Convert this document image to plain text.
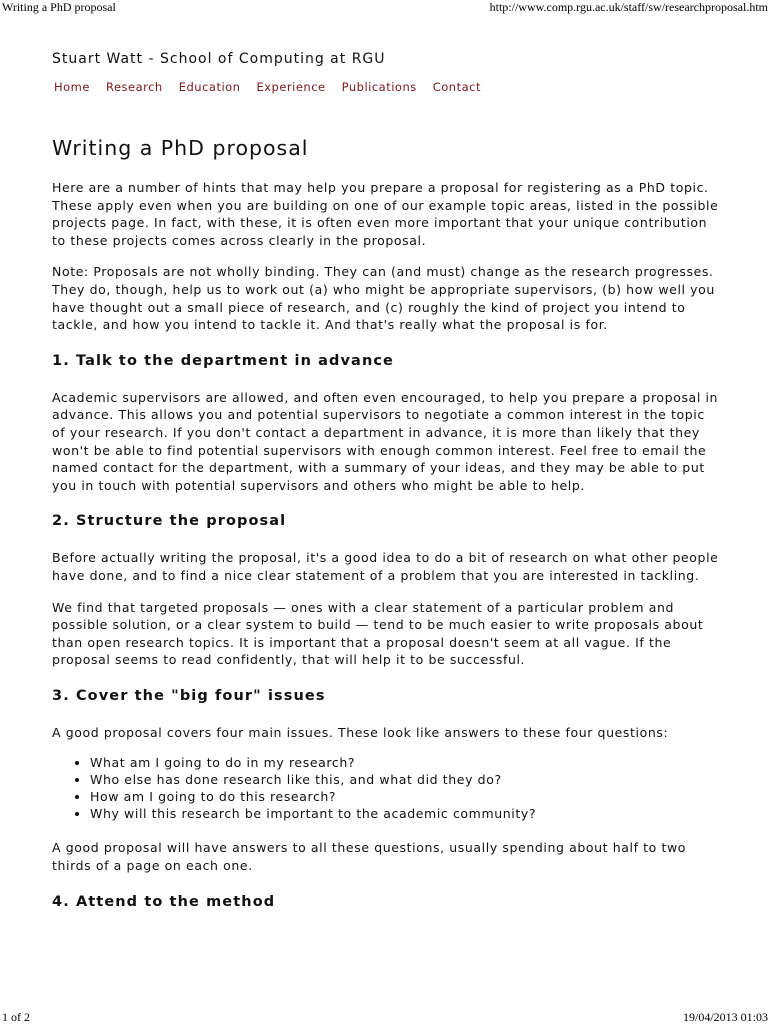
Writing a PhD proposal	http://www.comp.rgu.ac.uk/staff/sw/researchproposal.htm
Stuart Watt - School of Computing at RGU
Home Research Education Experience Publications Contact
Writing a PhD proposal

Here are a number of hints that may help you prepare a proposal for registering as a PhD topic. These apply even when you are building on one of our example topic areas, listed in the possible projects page. In fact, with these, it is often even more important that your unique contribution to these projects comes across clearly in the proposal.

Note: Proposals are not wholly binding. They can (and must) change as the research progresses. They do, though, help us to work out (a) who might be appropriate supervisors, (b) how well you have thought out a small piece of research, and (c) roughly the kind of project you intend to tackle, and how you intend to tackle it. And that's really what the proposal is for.

1. Talk to the department in advance

Academic supervisors are allowed, and often even encouraged, to help you prepare a proposal in advance. This allows you and potential supervisors to negotiate a common interest in the topic of your research. If you don't contact a department in advance, it is more than likely that they won't be able to find potential supervisors with enough common interest. Feel free to email the named contact for the department, with a summary of your ideas, and they may be able to put you in touch with potential supervisors and others who might be able to help.

2. Structure the proposal

Before actually writing the proposal, it's a good idea to do a bit of research on what other people have done, and to find a nice clear statement of a problem that you are interested in tackling.

We find that targeted proposals — ones with a clear statement of a particular problem and possible solution, or a clear system to build — tend to be much easier to write proposals about than open research topics. It is important that a proposal doesn't seem at all vague. If the proposal seems to read confidently, that will help it to be successful.

3. Cover the "big four" issues

A good proposal covers four main issues. These look like answers to these four questions:

• What am I going to do in my research?
• Who else has done research like this, and what did they do?
• How am I going to do this research?
• Why will this research be important to the academic community?

A good proposal will have answers to all these questions, usually spending about half to two thirds of a page on each one.

4. Attend to the method
1 of 2	19/04/2013 01:03
